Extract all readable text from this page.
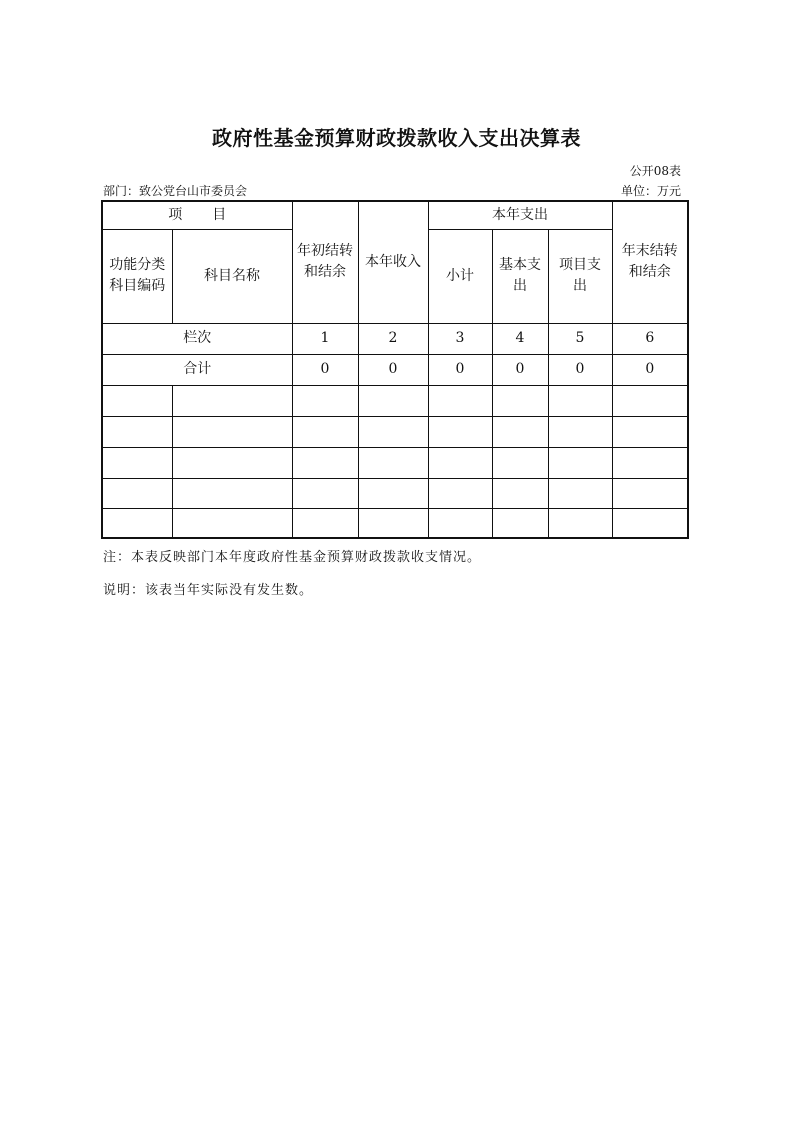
政府性基金预算财政拨款收入支出决算表
公开08表
部门：致公党台山市委员会	单位：万元
项目		年初结转和结余	本年收入	本年支出			年末结转和结余
功能分类科目编码	科目名称			小计	基本支出	项目支出	
栏次		1	2	3	4	5	6
合计		0	0	0	0	0	0

注：本表反映部门本年度政府性基金预算财政拨款收支情况。
说明：该表当年实际没有发生数。
